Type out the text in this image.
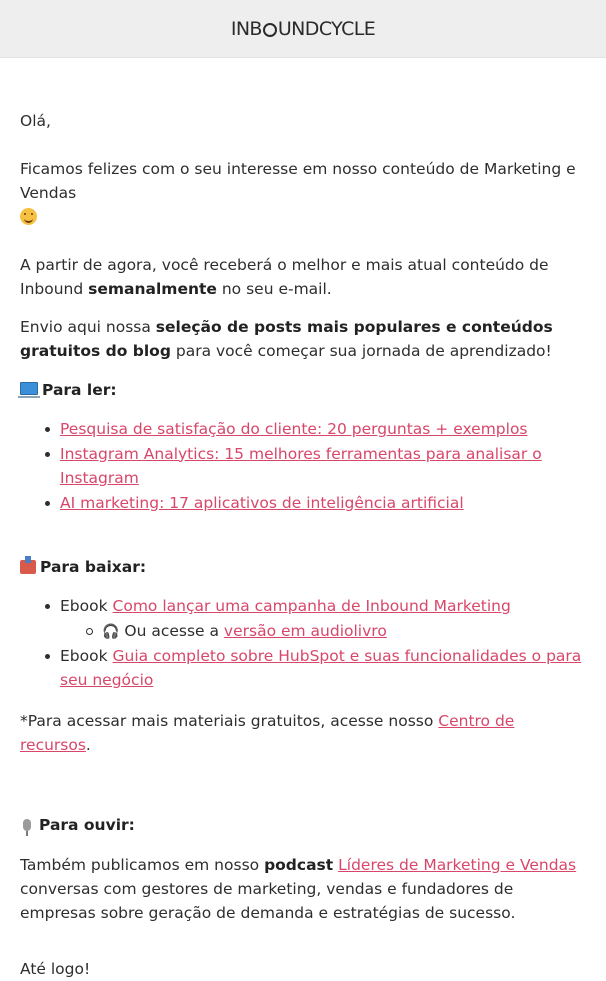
INB UNDCYCLE

Olá,

Ficamos felizes com o seu interesse em nosso conteúdo de Marketing e Vendas

A partir de agora, você receberá o melhor e mais atual conteúdo de Inbound semanalmente no seu e-mail.

Envio aqui nossa seleção de posts mais populares e conteúdos gratuitos do blog para você começar sua jornada de aprendizado!

Para ler:

Pesquisa de satisfação do cliente: 20 perguntas + exemplos
Instagram Analytics: 15 melhores ferramentas para analisar o Instagram
AI marketing: 17 aplicativos de inteligência artificial

Para baixar:

Ebook Como lançar uma campanha de Inbound Marketing
🎧 Ou acesse a versão em audiolivro
Ebook Guia completo sobre HubSpot e suas funcionalidades o para seu negócio

*Para acessar mais materiais gratuitos, acesse nosso Centro de recursos.

Para ouvir:

Também publicamos em nosso podcast Líderes de Marketing e Vendas conversas com gestores de marketing, vendas e fundadores de empresas sobre geração de demanda e estratégias de sucesso.

Até logo!
